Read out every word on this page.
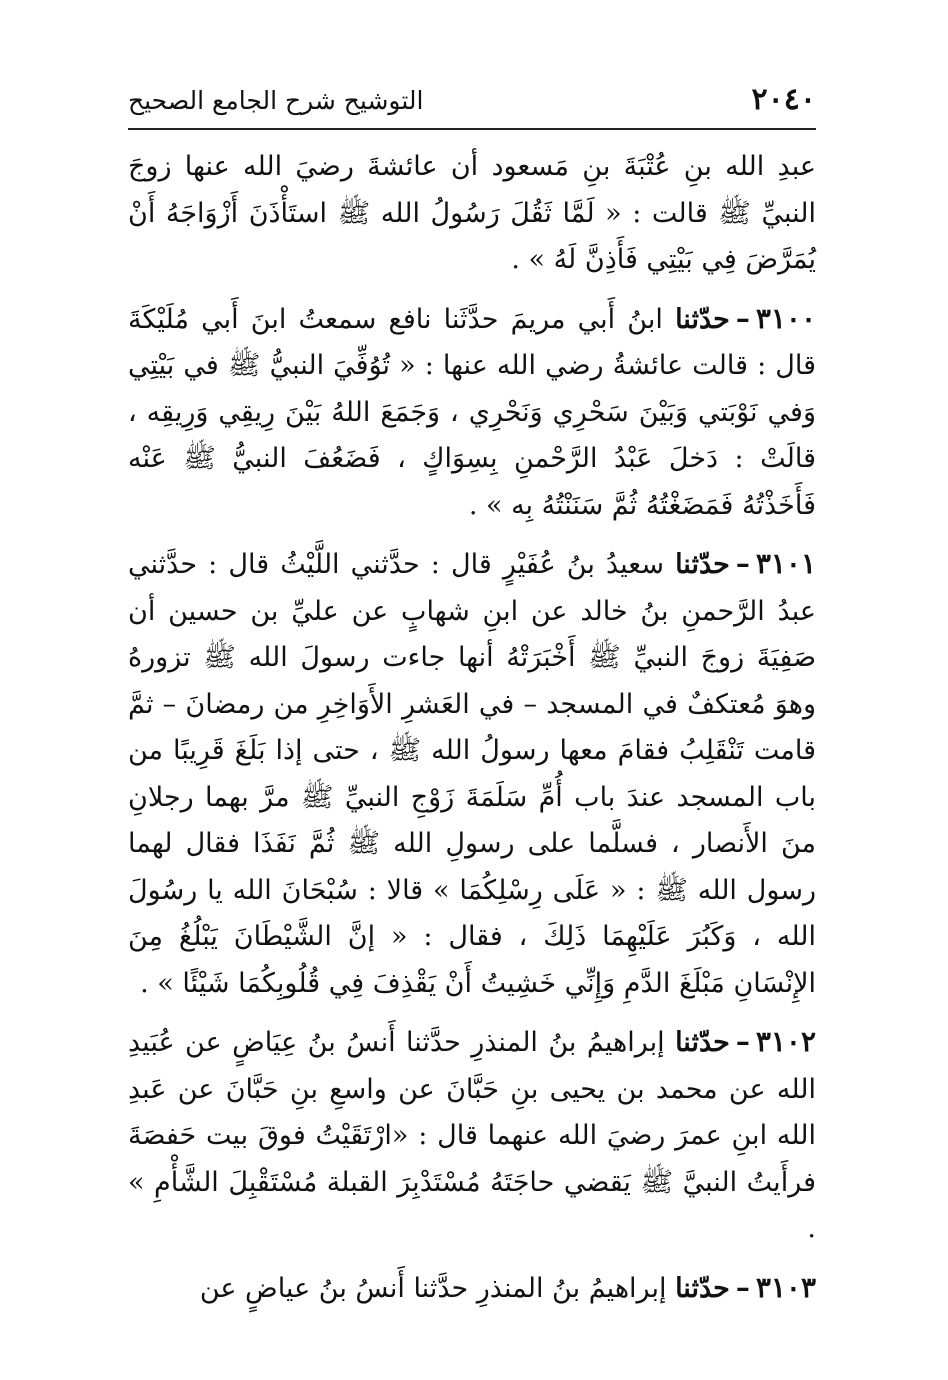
٢٠٤٠
التوشيح شرح الجامع الصحيح

عبدِ الله بنِ عُتْبَةَ بنِ مَسعود أن عائشةَ رضيَ الله عنها زوجَ النبيِّ ﷺ قالت : « لَمَّا ثَقُلَ رَسُولُ الله ﷺ استَأْذَنَ أَزْوَاجَهُ أَنْ يُمَرَّضَ فِي بَيْتِي فَأَذِنَّ لَهُ » .

٣١٠٠–حدّثنا ابنُ أَبي مريمَ حدَّثَنا نافع سمعتُ ابنَ أَبي مُلَيْكَةَ قال : قالت عائشةُ رضي الله عنها : « تُوُفِّيَ النبيُّ ﷺ في بَيْتِي وَفي نَوْبَتي وَبَيْنَ سَحْرِي وَنَحْرِي ، وَجَمَعَ اللهُ بَيْنَ رِيقِي وَرِيقِه ، قالَتْ : دَخلَ عَبْدُ الرَّحْمنِ بِسِوَاكٍ ، فَضَعُفَ النبيُّ ﷺ عَنْه فَأَخَذْتُهُ فَمَضَغْتُهُ ثُمَّ سَنَنْتُهُ بِه » .

٣١٠١–حدّثنا سعيدُ بنُ عُفَيْرٍ قال : حدَّثني اللَّيْثُ قال : حدَّثني عبدُ الرَّحمنِ بنُ خالد عن ابنِ شهابٍ عن عليِّ بن حسين أن صَفِيَةَ زوجَ النبيِّ ﷺ أَخْبَرَتْهُ أنها جاءت رسولَ الله ﷺ تزورهُ وهوَ مُعتكفٌ في المسجد – في العَشرِ الأَوَاخِرِ من رمضانَ – ثمَّ قامت تَنْقَلِبُ فقامَ معها رسولُ الله ﷺ ، حتى إذا بَلَغَ قَرِيبًا من باب المسجد عندَ باب أُمِّ سَلَمَةَ زَوْجِ النبيِّ ﷺ مرَّ بهما رجلانِ منَ الأَنصار ، فسلَّما على رسولِ الله ﷺ ثُمَّ نَفَذَا فقال لهما رسول الله ﷺ : « عَلَى رِسْلِكُمَا » قالا : سُبْحَانَ الله يا رسُولَ الله ، وَكَبُرَ عَلَيْهِمَا ذَلِكَ ، فقال : « إنَّ الشَّيْطَانَ يَبْلُغُ مِنَ الإِنْسَانِ مَبْلَغَ الدَّمِ وَإِنِّي خَشِيتُ أَنْ يَقْذِفَ فِي قُلُوبِكُمَا شَيْئًا » .

٣١٠٢–حدّثنا إبراهيمُ بنُ المنذرِ حدَّثنا أَنسُ بنُ عِيَاضٍ عن عُبَيدِ الله عن محمد بن يحيى بنِ حَبَّانَ عن واسعِ بنِ حَبَّانَ عن عَبدِ الله ابنِ عمرَ رضيَ الله عنهما قال : «ارْتَقَيْتُ فوقَ بيت حَفصَةَ فرأَيتُ النبيَّ ﷺ يَقضي حاجَتَهُ مُسْتَدْبِرَ القبلة مُسْتَقْبِلَ الشَّأْمِ » .

٣١٠٣–حدّثنا إبراهيمُ بنُ المنذرِ حدَّثنا أَنسُ بنُ عياضٍ عن
